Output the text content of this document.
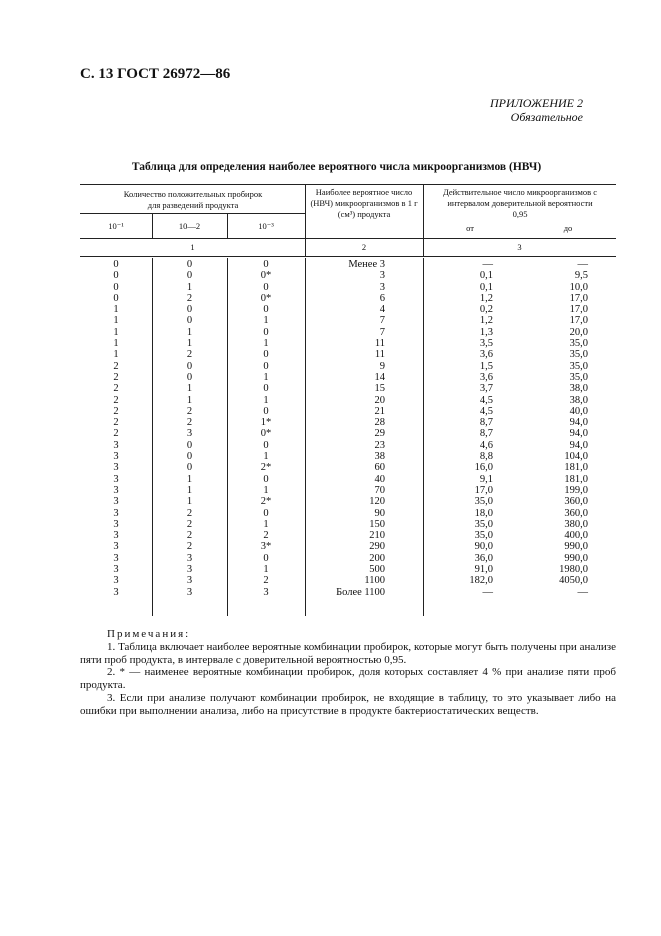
С. 13 ГОСТ 26972—86
ПРИЛОЖЕНИЕ 2
Обязательное
Таблица для определения наиболее вероятного числа микроорганизмов (НВЧ)
Количество положительных пробирок для разведений продукта
10⁻¹	10—2	10⁻³
Наиболее вероятное число (НВЧ) микроорганизмов в 1 г (см³) продукта
Действительное число микроорганизмов с интервалом доверительной вероятности 0,95
от	до
1	2	3
0	0	0	Менее 3	—	—
0	0	0*	3	0,1	9,5
0	1	0	3	0,1	10,0
0	2	0*	6	1,2	17,0
1	0	0	4	0,2	17,0
1	0	1	7	1,2	17,0
1	1	0	7	1,3	20,0
1	1	1	11	3,5	35,0
1	2	0	11	3,6	35,0
2	0	0	9	1,5	35,0
2	0	1	14	3,6	35,0
2	1	0	15	3,7	38,0
2	1	1	20	4,5	38,0
2	2	0	21	4,5	40,0
2	2	1*	28	8,7	94,0
2	3	0*	29	8,7	94,0
3	0	0	23	4,6	94,0
3	0	1	38	8,8	104,0
3	0	2*	60	16,0	181,0
3	1	0	40	9,1	181,0
3	1	1	70	17,0	199,0
3	1	2*	120	35,0	360,0
3	2	0	90	18,0	360,0
3	2	1	150	35,0	380,0
3	2	2	210	35,0	400,0
3	2	3*	290	90,0	990,0
3	3	0	200	36,0	990,0
3	3	1	500	91,0	1980,0
3	3	2	1100	182,0	4050,0
3	3	3	Более 1100	—	—

Примечания:

1. Таблица включает наиболее вероятные комбинации пробирок, которые могут быть получены при анализе пяти проб продукта, в интервале с доверительной вероятностью 0,95.

2. * — наименее вероятные комбинации пробирок, доля которых составляет 4 % при анализе пяти проб продукта.

3. Если при анализе получают комбинации пробирок, не входящие в таблицу, то это указывает либо на ошибки при выполнении анализа, либо на присутствие в продукте бактериостатических веществ.
